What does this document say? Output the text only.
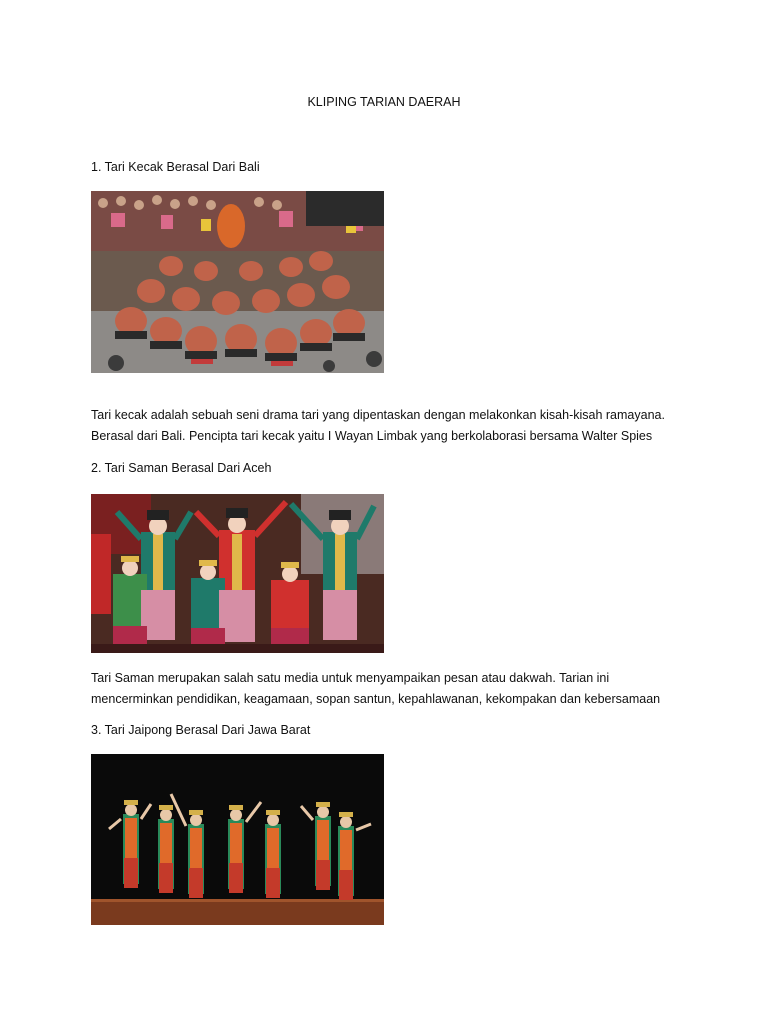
KLIPING TARIAN DAERAH
1. Tari Kecak Berasal Dari Bali
Tari kecak adalah sebuah seni drama tari yang dipentaskan dengan melakonkan kisah-kisah ramayana.
Berasal dari Bali. Pencipta tari kecak yaitu I Wayan Limbak yang berkolaborasi bersama Walter Spies
2. Tari Saman Berasal Dari Aceh
Tari Saman merupakan salah satu media untuk menyampaikan pesan atau dakwah. Tarian ini
mencerminkan pendidikan, keagamaan, sopan santun, kepahlawanan, kekompakan dan kebersamaan
3. Tari Jaipong Berasal Dari Jawa Barat
